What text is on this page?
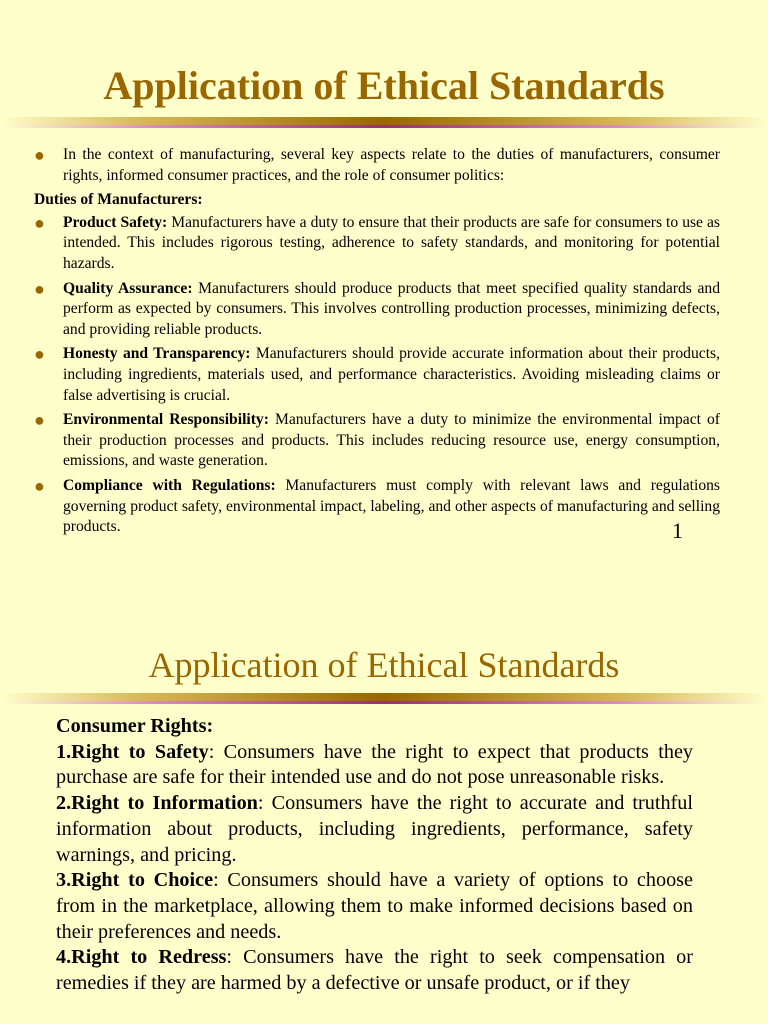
Application of Ethical Standards
● In the context of manufacturing, several key aspects relate to the duties of manufacturers, consumer rights, informed consumer practices, and the role of consumer politics:
Duties of Manufacturers:
● Product Safety: Manufacturers have a duty to ensure that their products are safe for consumers to use as intended. This includes rigorous testing, adherence to safety standards, and monitoring for potential hazards.
● Quality Assurance: Manufacturers should produce products that meet specified quality standards and perform as expected by consumers. This involves controlling production processes, minimizing defects, and providing reliable products.
● Honesty and Transparency: Manufacturers should provide accurate information about their products, including ingredients, materials used, and performance characteristics. Avoiding misleading claims or false advertising is crucial.
● Environmental Responsibility: Manufacturers have a duty to minimize the environmental impact of their production processes and products. This includes reducing resource use, energy consumption, emissions, and waste generation.
● Compliance with Regulations: Manufacturers must comply with relevant laws and regulations governing product safety, environmental impact, labeling, and other aspects of manufacturing and selling products.	1
Application of Ethical Standards

Consumer Rights:

1.Right to Safety: Consumers have the right to expect that products they purchase are safe for their intended use and do not pose unreasonable risks.

2.Right to Information: Consumers have the right to accurate and truthful information about products, including ingredients, performance, safety warnings, and pricing.

3.Right to Choice: Consumers should have a variety of options to choose from in the marketplace, allowing them to make informed decisions based on their preferences and needs.

4.Right to Redress: Consumers have the right to seek compensation or remedies if they are harmed by a defective or unsafe product, or if they
